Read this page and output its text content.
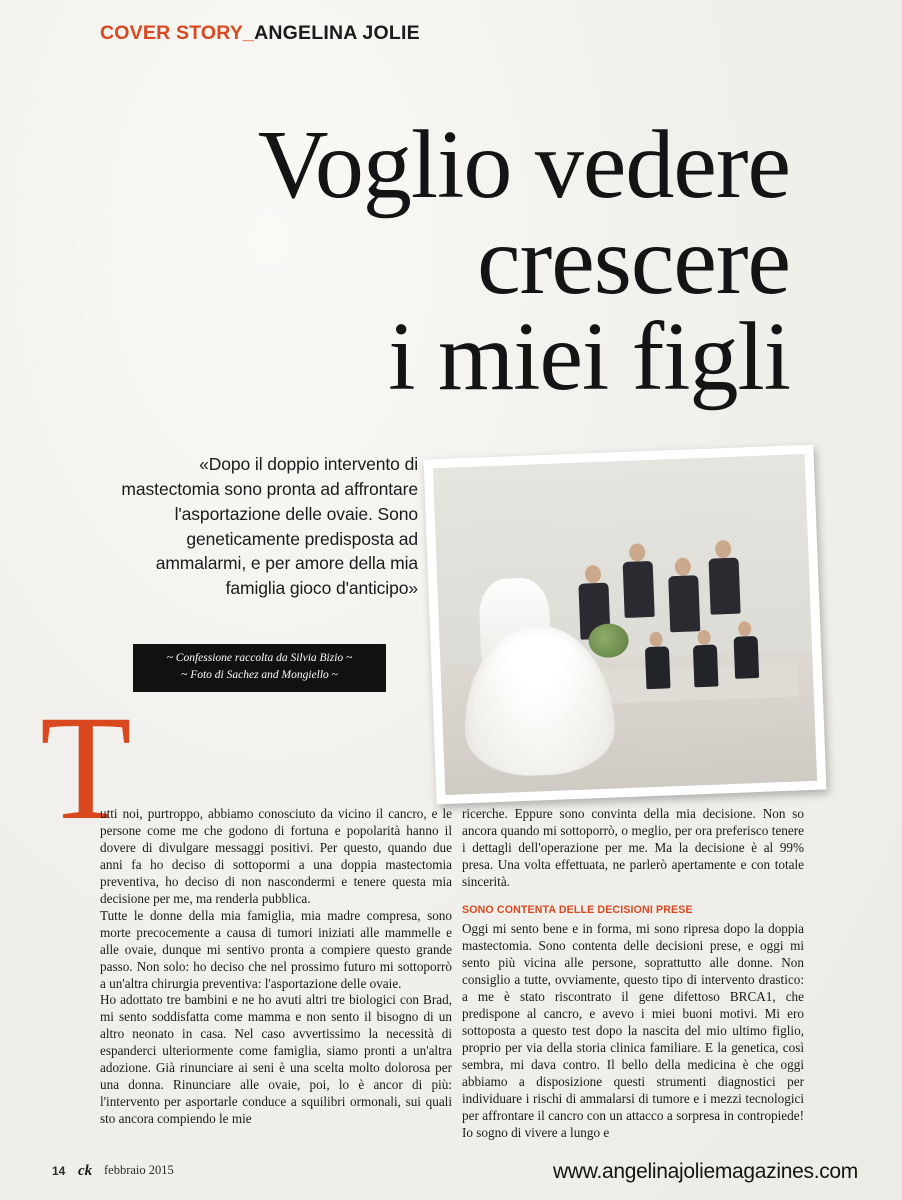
COVER STORY_ANGELINA JOLIE
Voglio vedere
crescere
i miei figli
«Dopo il doppio intervento di mastectomia sono pronta ad affrontare l'asportazione delle ovaie. Sono geneticamente predisposta ad ammalarmi, e per amore della mia famiglia gioco d'anticipo»
~ Confessione raccolta da Silvia Bizio ~
~ Foto di Sachez and Mongiello ~
T

utti noi, purtroppo, abbiamo conosciuto da vicino il cancro, e le persone come me che godono di fortuna e popolarità hanno il dovere di divulgare messaggi positivi. Per questo, quando due anni fa ho deciso di sottopormi a una doppia mastectomia preventiva, ho deciso di non nascondermi e tenere questa mia decisione per me, ma renderla pubblica.

Tutte le donne della mia famiglia, mia madre compresa, sono morte precocemente a causa di tumori iniziati alle mammelle e alle ovaie, dunque mi sentivo pronta a compiere questo grande passo. Non solo: ho deciso che nel prossimo futuro mi sottoporrò a un'altra chirurgia preventiva: l'asportazione delle ovaie.

Ho adottato tre bambini e ne ho avuti altri tre biologici con Brad, mi sento soddisfatta come mamma e non sento il bisogno di un altro neonato in casa. Nel caso avvertissimo la necessità di espanderci ulteriormente come famiglia, siamo pronti a un'altra adozione. Già rinunciare ai seni è una scelta molto dolorosa per una donna. Rinunciare alle ovaie, poi, lo è ancor di più: l'intervento per asportarle conduce a squilibri ormonali, sui quali sto ancora compiendo le mie

ricerche. Eppure sono convinta della mia decisione. Non so ancora quando mi sottoporrò, o meglio, per ora preferisco tenere i dettagli dell'operazione per me. Ma la decisione è al 99% presa. Una volta effettuata, ne parlerò apertamente e con totale sincerità.

SONO CONTENTA DELLE DECISIONI PRESE

Oggi mi sento bene e in forma, mi sono ripresa dopo la doppia mastectomia. Sono contenta delle decisioni prese, e oggi mi sento più vicina alle persone, soprattutto alle donne. Non consiglio a tutte, ovviamente, questo tipo di intervento drastico: a me è stato riscontrato il gene difettoso BRCA1, che predispone al cancro, e avevo i miei buoni motivi. Mi ero sottoposta a questo test dopo la nascita del mio ultimo figlio, proprio per via della storia clinica familiare. E la genetica, così sembra, mi dava contro. Il bello della medicina è che oggi abbiamo a disposizione questi strumenti diagnostici per individuare i rischi di ammalarsi di tumore e i mezzi tecnologici per affrontare il cancro con un attacco a sorpresa in contropiede! Io sogno di vivere a lungo e

14 ck febbraio 2015	www.angelinajoliemagazines.com
